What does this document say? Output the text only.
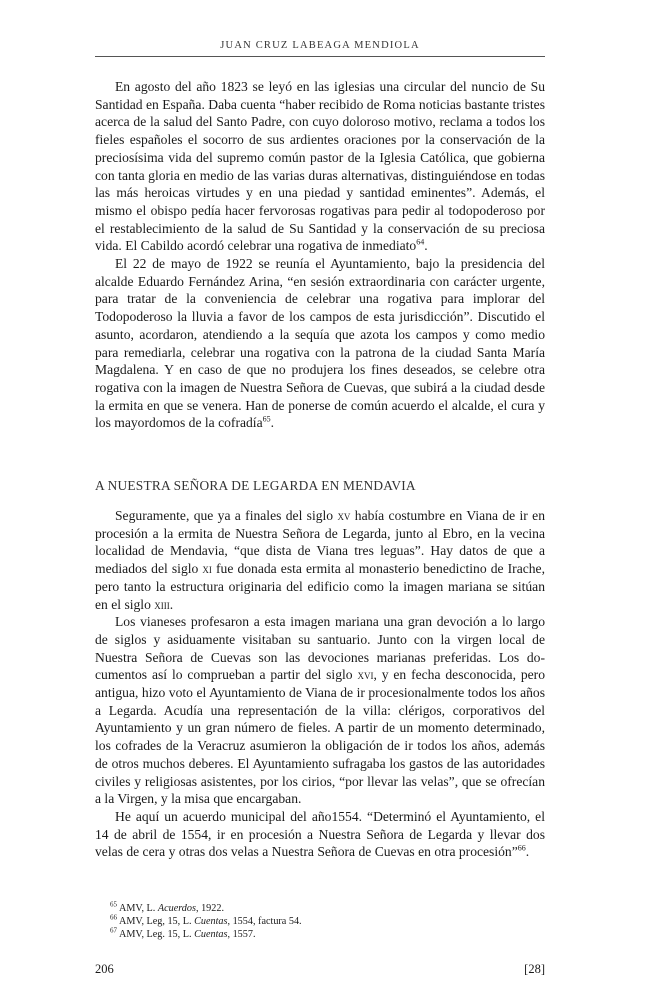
JUAN CRUZ LABEAGA MENDIOLA

En agosto del año 1823 se leyó en las iglesias una circular del nuncio de Su Santidad en España. Daba cuenta “haber recibido de Roma noticias bastante tristes acerca de la salud del Santo Padre, con cuyo doloroso motivo, reclama a todos los fieles españoles el socorro de sus ardientes oraciones por la conservación de la preciosísima vida del supremo común pastor de la Iglesia Católica, que gobierna con tanta gloria en medio de las varias duras alternativas, distinguiéndose en todas las más heroicas virtudes y en una piedad y santidad eminentes”. Además, el mismo el obispo pedía hacer fervorosas rogativas para pedir al todopoderoso por el restablecimiento de la salud de Su Santidad y la conservación de su preciosa vida. El Cabildo acordó celebrar una rogativa de inmediato$^{64}$.

El 22 de mayo de 1922 se reunía el Ayuntamiento, bajo la presidencia del alcalde Eduardo Fernández Arina, “en sesión extraordinaria con carácter urgente, para tratar de la conveniencia de celebrar una rogativa para implorar del Todopoderoso la lluvia a favor de los campos de esta jurisdicción”. Discutido el asunto, acordaron, atendiendo a la sequía que azota los campos y como medio para remediarla, celebrar una rogativa con la patrona de la ciudad Santa María Magdalena. Y en caso de que no produjera los fines deseados, se celebre otra rogativa con la imagen de Nuestra Señora de Cuevas, que subirá a la ciudad desde la ermita en que se venera. Han de ponerse de común acuerdo el alcalde, el cura y los mayordomos de la cofradía$^{65}$.

A NUESTRA SEÑORA DE LEGARDA EN MENDAVIA

Seguramente, que ya a finales del siglo xv había costumbre en Viana de ir en procesión a la ermita de Nuestra Señora de Legarda, junto al Ebro, en la vecina localidad de Mendavia, “que dista de Viana tres leguas”. Hay datos de que a mediados del siglo xi fue donada esta ermita al monasterio benedictino de Irache, pero tanto la estructura originaria del edificio como la imagen mariana se sitúan en el siglo xiii.

Los vianeses profesaron a esta imagen mariana una gran devoción a lo largo de siglos y asiduamente visitaban su santuario. Junto con la virgen local de Nuestra Señora de Cuevas son las devociones marianas preferidas. Los documentos así lo comprueban a partir del siglo xvi, y en fecha desconocida, pero antigua, hizo voto el Ayuntamiento de Viana de ir procesionalmente todos los años a Legarda. Acudía una representación de la villa: clérigos, corporativos del Ayuntamiento y un gran número de fieles. A partir de un momento determinado, los cofrades de la Veracruz asumieron la obligación de ir todos los años, además de otros muchos deberes. El Ayuntamiento sufragaba los gastos de las autoridades civiles y religiosas asistentes, por los cirios, “por llevar las velas”, que se ofrecían a la Virgen, y la misa que encargaban.

He aquí un acuerdo municipal del año1554. “Determinó el Ayuntamiento, el 14 de abril de 1554, ir en procesión a Nuestra Señora de Legarda y llevar dos velas de cera y otras dos velas a Nuestra Señora de Cuevas en otra procesión”$^{66}$.

$^{65}$ AMV, L. Acuerdos, 1922.
$^{66}$ AMV, Leg, 15, L. Cuentas, 1554, factura 54.
$^{67}$ AMV, Leg. 15, L. Cuentas, 1557.
206	[28]
